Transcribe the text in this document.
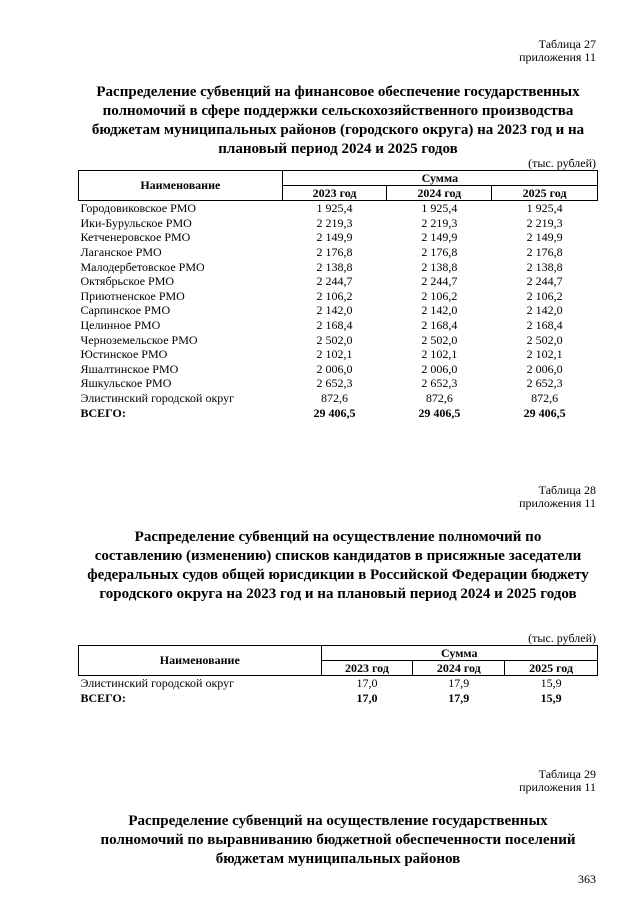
Таблица 27
приложения 11
Распределение субвенций на финансовое обеспечение государственных
полномочий в сфере поддержки сельскохозяйственного производства
бюджетам муниципальных районов (городского округа) на 2023 год и на
плановый период 2024 и 2025 годов
(тыс. рублей)
Наименование	Сумма		
	2023 год	2024 год	2025 год
Городовиковское РМО	1 925,4	1 925,4	1 925,4
Ики-Бурульское РМО	2 219,3	2 219,3	2 219,3
Кетченеровское РМО	2 149,9	2 149,9	2 149,9
Лаганское РМО	2 176,8	2 176,8	2 176,8
Малодербетовское РМО	2 138,8	2 138,8	2 138,8
Октябрьское РМО	2 244,7	2 244,7	2 244,7
Приютненское РМО	2 106,2	2 106,2	2 106,2
Сарпинское РМО	2 142,0	2 142,0	2 142,0
Целинное РМО	2 168,4	2 168,4	2 168,4
Черноземельское РМО	2 502,0	2 502,0	2 502,0
Юстинское РМО	2 102,1	2 102,1	2 102,1
Яшалтинское РМО	2 006,0	2 006,0	2 006,0
Яшкульское РМО	2 652,3	2 652,3	2 652,3
Элистинский городской округ	872,6	872,6	872,6
ВСЕГО:	29 406,5	29 406,5	29 406,5
Таблица 28
приложения 11
Распределение субвенций на осуществление полномочий по
составлению (изменению) списков кандидатов в присяжные заседатели
федеральных судов общей юрисдикции в Российской Федерации бюджету
городского округа на 2023 год и на плановый период 2024 и 2025 годов
(тыс. рублей)
Наименование	Сумма		
	2023 год	2024 год	2025 год
Элистинский городской округ	17,0	17,9	15,9
ВСЕГО:	17,0	17,9	15,9
Таблица 29
приложения 11
Распределение субвенций на осуществление государственных
полномочий по выравниванию бюджетной обеспеченности поселений
бюджетам муниципальных районов
363
